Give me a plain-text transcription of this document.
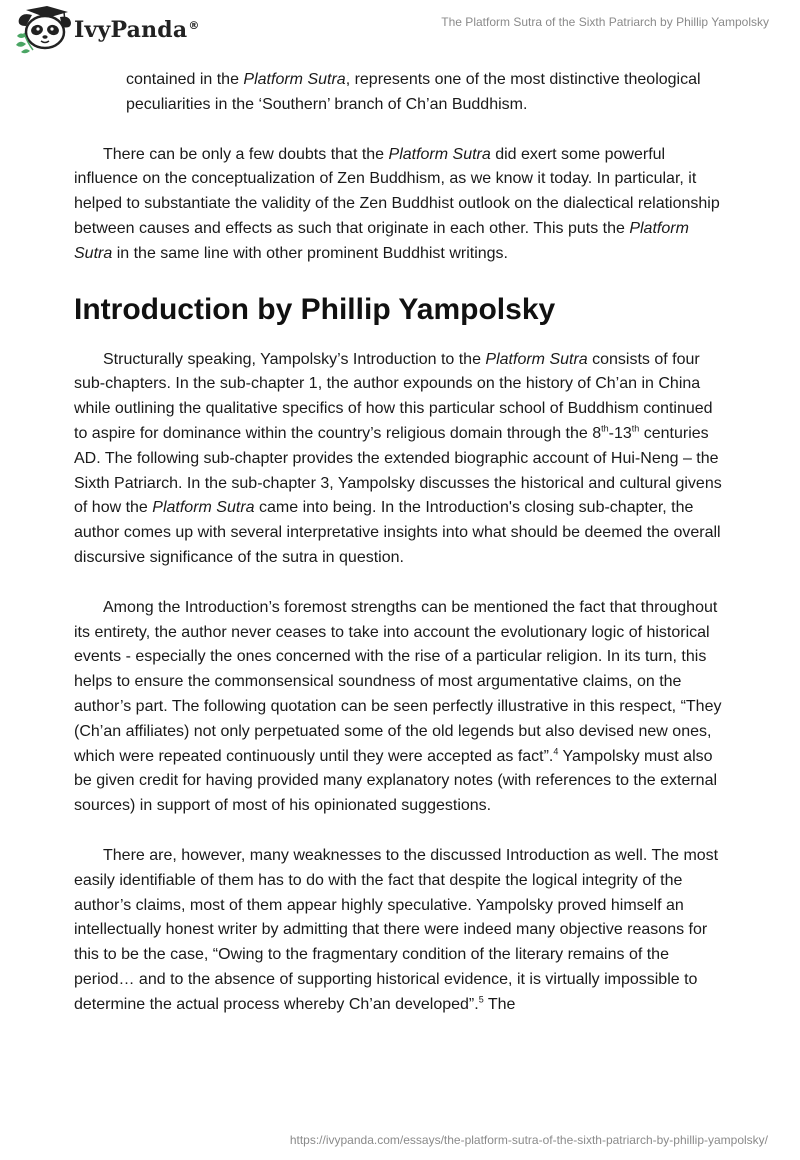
IvyPanda®	The Platform Sutra of the Sixth Patriarch by Phillip Yampolsky

contained in the Platform Sutra, represents one of the most distinctive theological peculiarities in the ‘Southern’ branch of Ch’an Buddhism.

There can be only a few doubts that the Platform Sutra did exert some powerful influence on the conceptualization of Zen Buddhism, as we know it today. In particular, it helped to substantiate the validity of the Zen Buddhist outlook on the dialectical relationship between causes and effects as such that originate in each other. This puts the Platform Sutra in the same line with other prominent Buddhist writings.

Introduction by Phillip Yampolsky

Structurally speaking, Yampolsky’s Introduction to the Platform Sutra consists of four sub-chapters. In the sub-chapter 1, the author expounds on the history of Ch’an in China while outlining the qualitative specifics of how this particular school of Buddhism continued to aspire for dominance within the country’s religious domain through the 8th-13th centuries AD. The following sub-chapter provides the extended biographic account of Hui-Neng – the Sixth Patriarch. In the sub-chapter 3, Yampolsky discusses the historical and cultural givens of how the Platform Sutra came into being. In the Introduction's closing sub-chapter, the author comes up with several interpretative insights into what should be deemed the overall discursive significance of the sutra in question.

Among the Introduction’s foremost strengths can be mentioned the fact that throughout its entirety, the author never ceases to take into account the evolutionary logic of historical events - especially the ones concerned with the rise of a particular religion. In its turn, this helps to ensure the commonsensical soundness of most argumentative claims, on the author’s part. The following quotation can be seen perfectly illustrative in this respect, “They (Ch’an affiliates) not only perpetuated some of the old legends but also devised new ones, which were repeated continuously until they were accepted as fact”.$^4$ Yampolsky must also be given credit for having provided many explanatory notes (with references to the external sources) in support of most of his opinionated suggestions.

There are, however, many weaknesses to the discussed Introduction as well. The most easily identifiable of them has to do with the fact that despite the logical integrity of the author’s claims, most of them appear highly speculative. Yampolsky proved himself an intellectually honest writer by admitting that there were indeed many objective reasons for this to be the case, “Owing to the fragmentary condition of the literary remains of the period… and to the absence of supporting historical evidence, it is virtually impossible to determine the actual process whereby Ch’an developed”.$^5$ The

https://ivypanda.com/essays/the-platform-sutra-of-the-sixth-patriarch-by-phillip-yampolsky/
